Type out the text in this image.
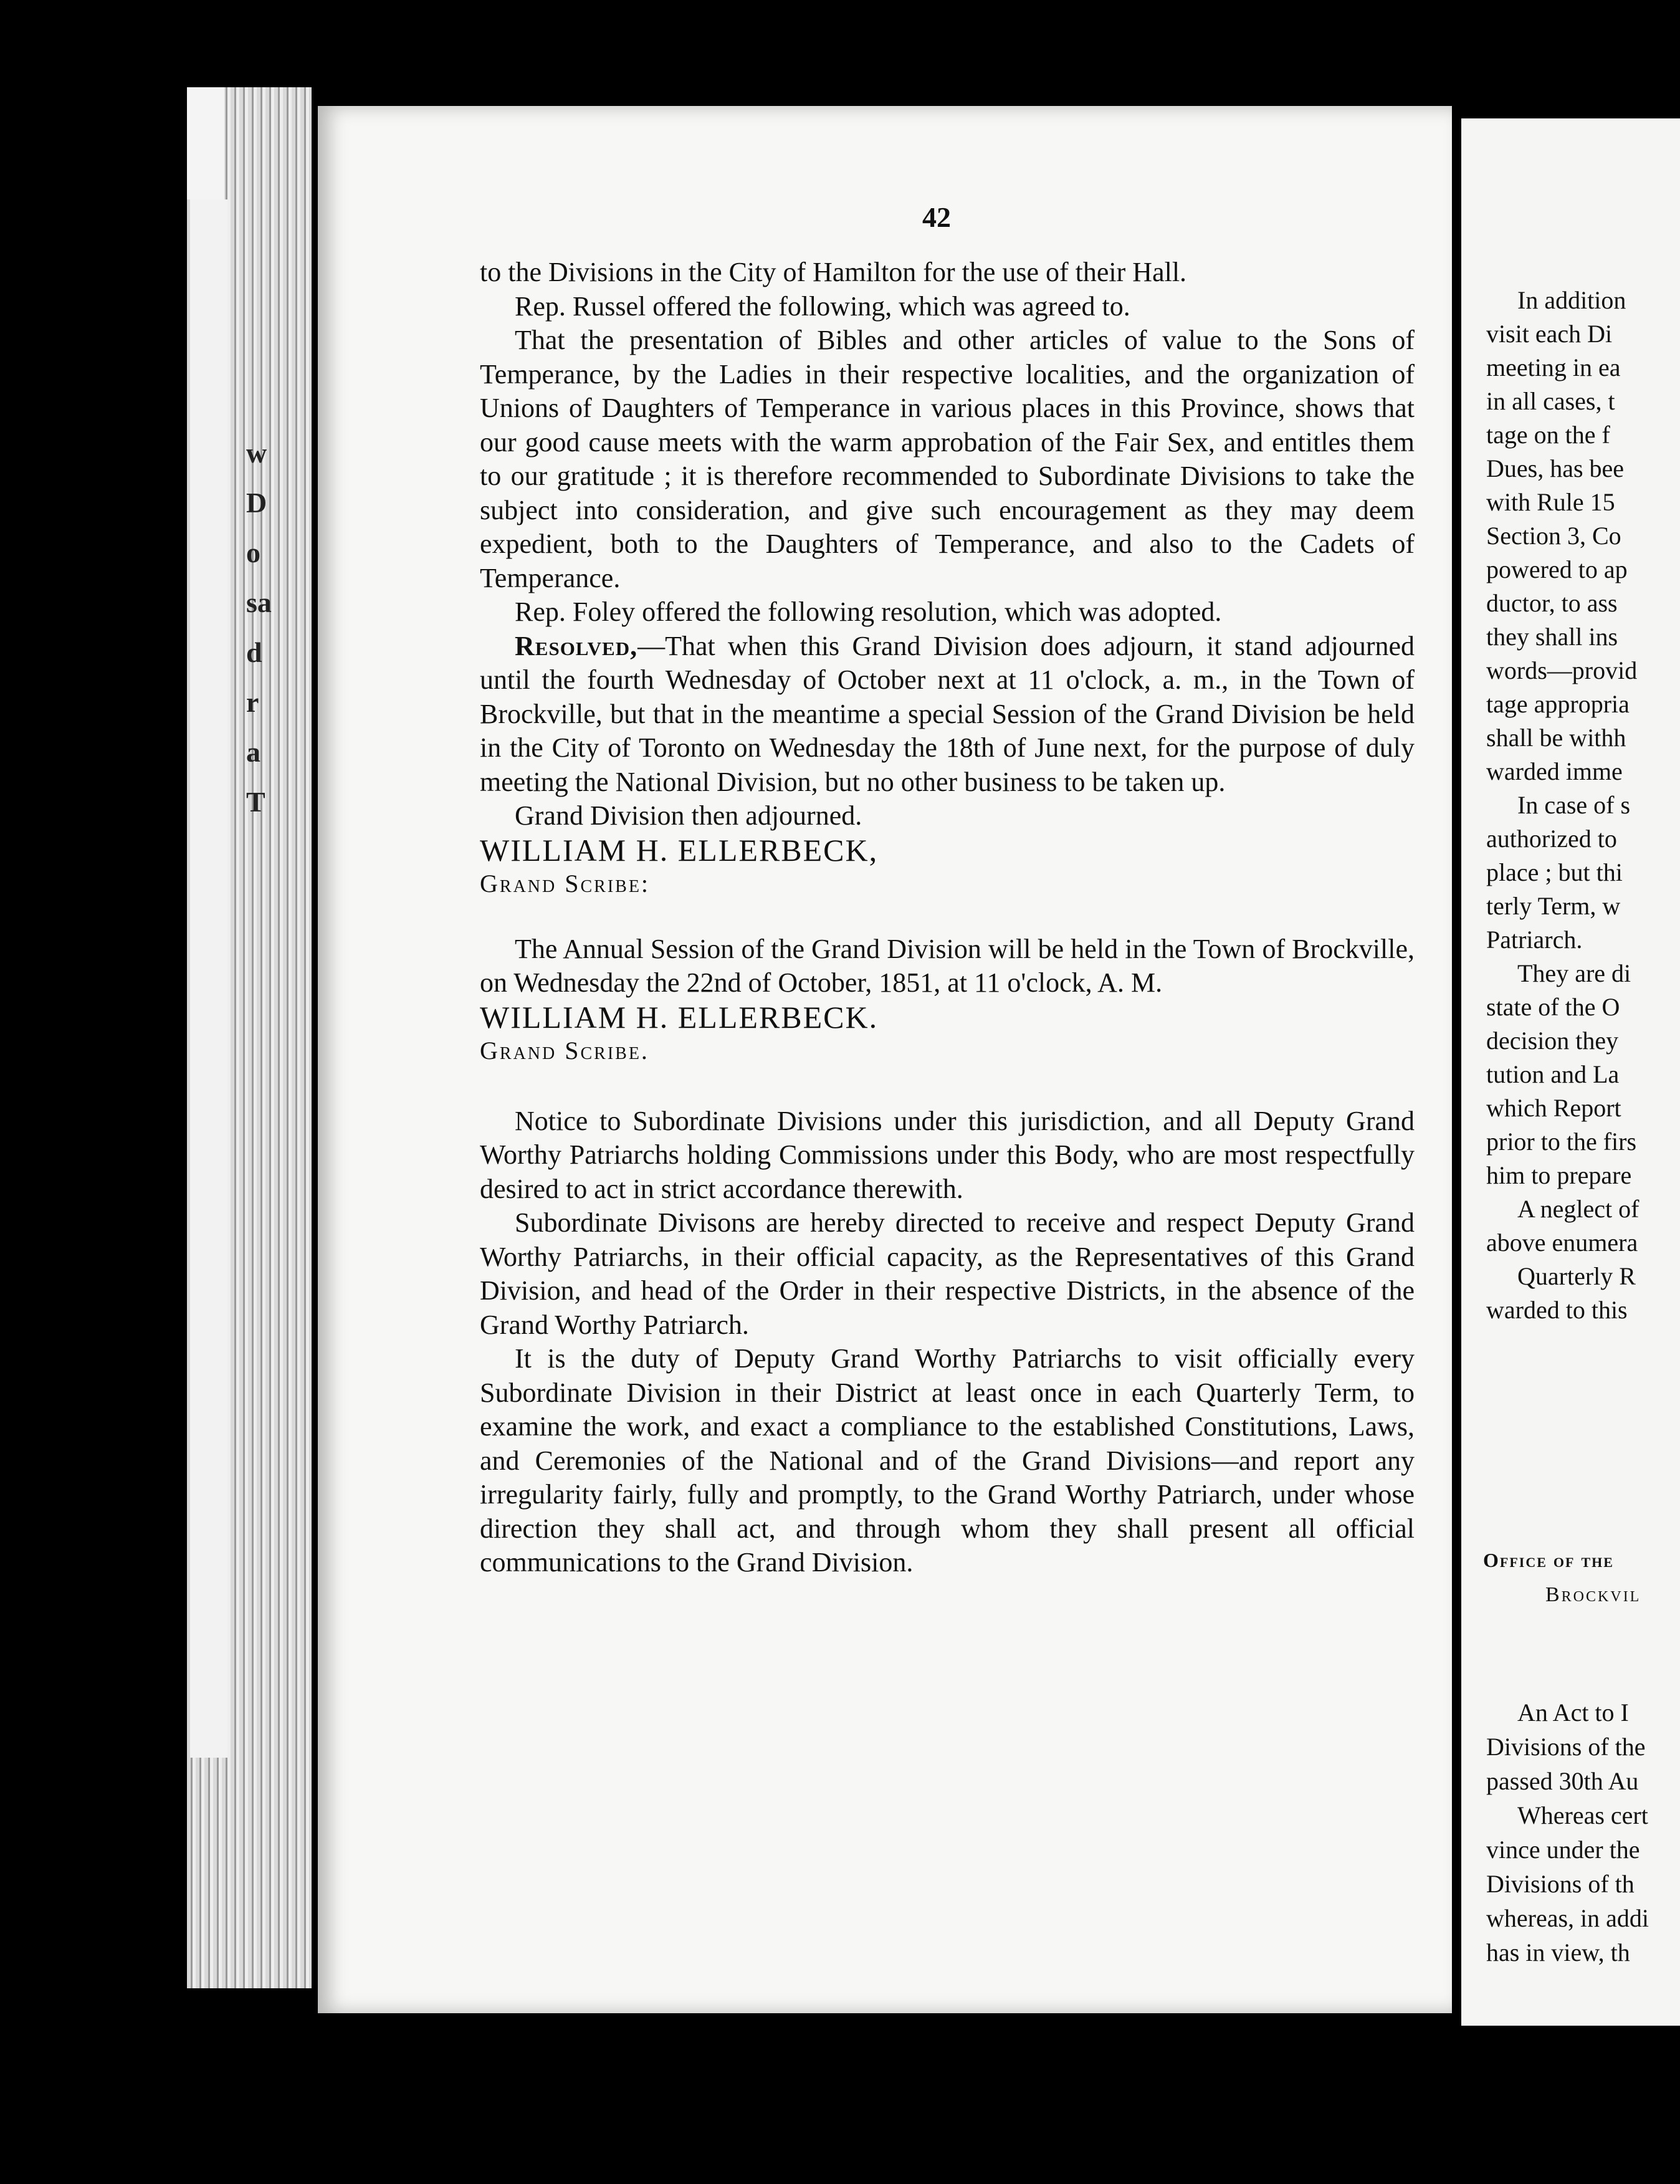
w
D
o
sa
d
r
a
T
42

to the Divisions in the City of Hamilton for the use of their Hall.

Rep. Russel offered the following, which was agreed to.

That the presentation of Bibles and other articles of value to the Sons of Temperance, by the Ladies in their respective localities, and the organization of Unions of Daughters of Temperance in various places in this Province, shows that our good cause meets with the warm approbation of the Fair Sex, and entitles them to our gratitude ; it is therefore recommended to Subordinate Divisions to take the subject into consideration, and give such encouragement as they may deem expedient, both to the Daughters of Temperance, and also to the Cadets of Temperance.

Rep. Foley offered the following resolution, which was adopted.

Resolved,—That when this Grand Division does adjourn, it stand adjourned until the fourth Wednesday of October next at 11 o'clock, a. m., in the Town of Brockville, but that in the meantime a special Session of the Grand Division be held in the City of Toronto on Wednesday the 18th of June next, for the purpose of duly meeting the National Division, but no other business to be taken up.

Grand Division then adjourned.

WILLIAM H. ELLERBECK,

Grand Scribe:

The Annual Session of the Grand Division will be held in the Town of Brockville, on Wednesday the 22nd of October, 1851, at 11 o'clock, A. M.

WILLIAM H. ELLERBECK.

Grand Scribe.

Notice to Subordinate Divisions under this jurisdiction, and all Deputy Grand Worthy Patriarchs holding Commissions under this Body, who are most respectfully desired to act in strict accordance therewith.

Subordinate Divisons are hereby directed to receive and respect Deputy Grand Worthy Patriarchs, in their official capacity, as the Representatives of this Grand Division, and head of the Order in their respective Districts, in the absence of the Grand Worthy Patriarch.

It is the duty of Deputy Grand Worthy Patriarchs to visit officially every Subordinate Division in their District at least once in each Quarterly Term, to examine the work, and exact a compliance to the established Constitutions, Laws, and Ceremonies of the National and of the Grand Divisions—and report any irregularity fairly, fully and promptly, to the Grand Worthy Patriarch, under whose direction they shall act, and through whom they shall present all official communications to the Grand Division.

In addition
visit each Di
meeting in ea
in all cases, t
tage on the f
Dues, has bee
with Rule 15
Section 3, Co
powered to ap
ductor, to ass
they shall ins
words—provid
tage appropria
shall be withh
warded imme
In case of s
authorized to
place ; but thi
terly Term, w
Patriarch.
They are di
state of the O
decision they
tution and La
which Report
prior to the firs
him to prepare
A neglect of
above enumera
Quarterly R
warded to this
Office of the
Brockvil
An Act to I
Divisions of the
passed 30th Au
Whereas cert
vince under the
Divisions of th
whereas, in addi
has in view, th
